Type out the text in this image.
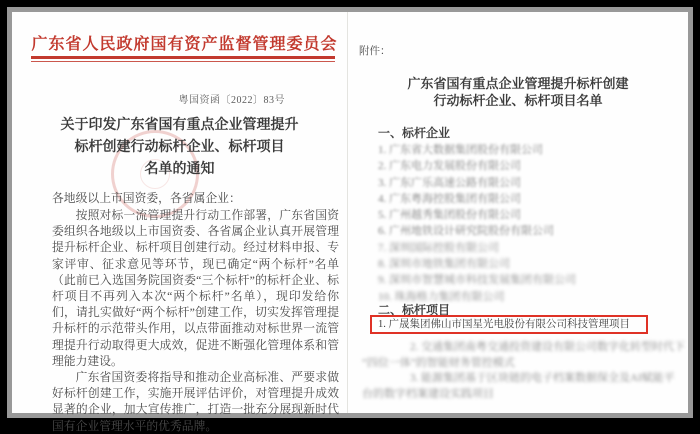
广东省人民政府国有资产监督管理委员会
粤国资函〔2022〕83号
关于印发广东省国有重点企业管理提升
标杆创建行动标杆企业、标杆项目
名单的通知
各地级以上市国资委，各省属企业：

按照对标一流管理提升行动工作部署，广东省国资委组织各地级以上市国资委、各省属企业认真开展管理提升标杆企业、标杆项目创建行动。经过材料申报、专家评审、征求意见等环节，现已确定“两个标杆”名单（此前已入选国务院国资委“三个标杆”的标杆企业、标杆项目不再列入本次“两个标杆”名单），现印发给你们，请扎实做好“两个标杆”创建工作，切实发挥管理提升标杆的示范带头作用，以点带面推动对标世界一流管理提升行动取得更大成效，促进不断强化管理体系和管理能力建设。

广东省国资委将指导和推动企业高标准、严要求做好标杆创建工作，实施开展评估评价，对管理提升成效显著的企业，加大宣传推广，打造一批充分展现新时代国有企业管理水平的优秀品牌。

附件：
广东省国有重点企业管理提升标杆创建
行动标杆企业、标杆项目名单
一、标杆企业
1. 广东省大数据集团股份有限公司
2. 广东电力发展股份有限公司
3. 广东广乐高速公路有限公司
4. 广东粤海控股集团有限公司
5. 广州越秀集团股份有限公司
6. 广州地铁设计研究院股份有限公司
7. 深圳国际控股有限公司
8. 深圳市地铁集团有限公司
9. 深圳市智慧城市科技发展集团有限公司
10. 珠海格力集团有限公司
二、标杆项目
1. 广晟集团佛山市国星光电股份有限公司科技管理项目
2. 交通集团南粤交通投资建设有限公司数字化转型时代下
“四位一体”的智能财务管控模式
3. 能源集团基于区块链的电子档案数据保全及AI赋能平
台的数字档案建设实践项目
